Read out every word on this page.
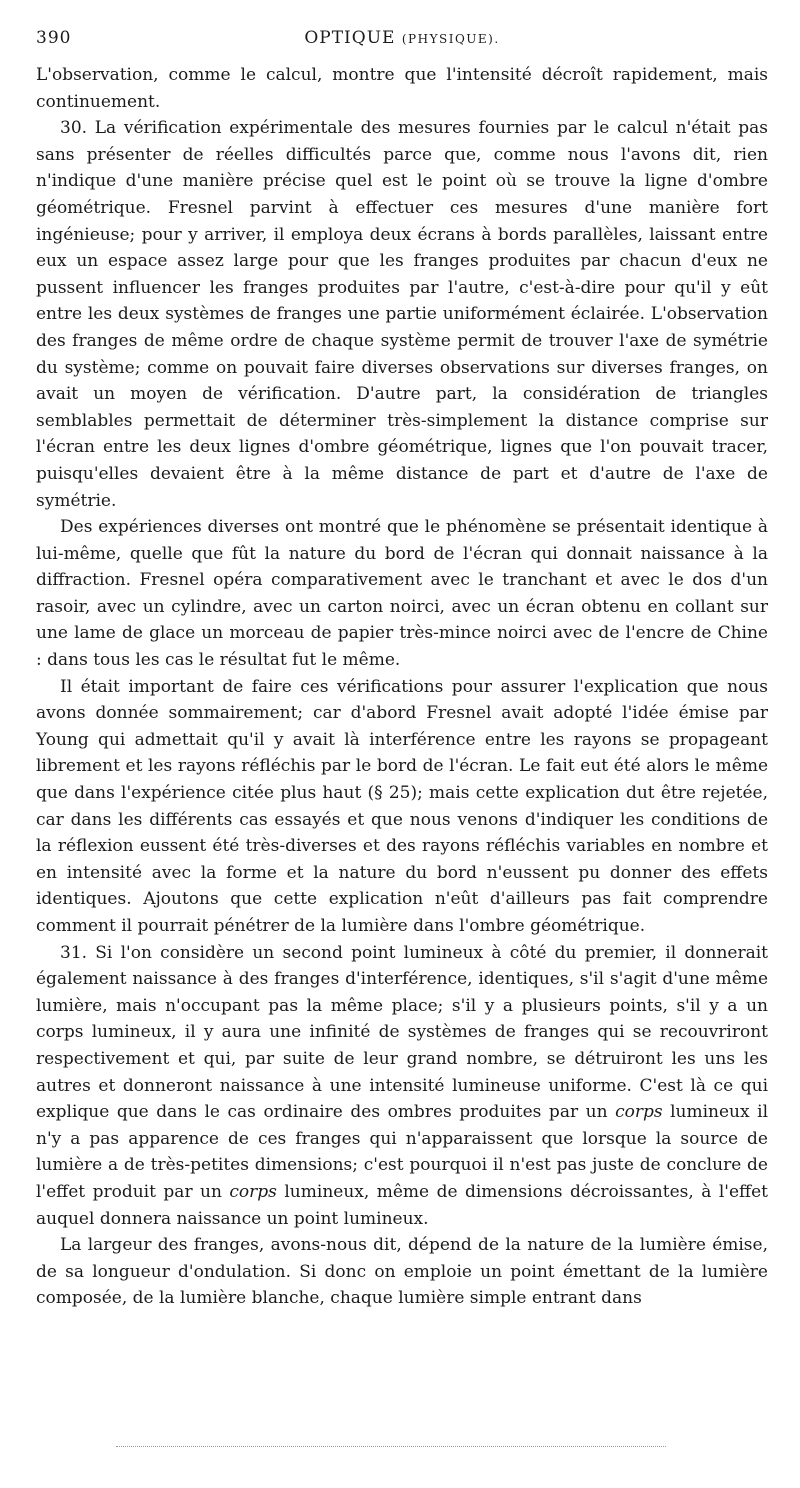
390	OPTIQUE (PHYSIQUE).

L'observation, comme le calcul, montre que l'intensité décroît rapidement, mais continuement.

30. La vérification expérimentale des mesures fournies par le calcul n'était pas sans présenter de réelles difficultés parce que, comme nous l'avons dit, rien n'indique d'une manière précise quel est le point où se trouve la ligne d'ombre géométrique. Fresnel parvint à effectuer ces mesures d'une manière fort ingénieuse; pour y arriver, il employa deux écrans à bords parallèles, laissant entre eux un espace assez large pour que les franges produites par chacun d'eux ne pussent influencer les franges produites par l'autre, c'est-à-dire pour qu'il y eût entre les deux systèmes de franges une partie uniformément éclairée. L'observation des franges de même ordre de chaque système permit de trouver l'axe de symétrie du système; comme on pouvait faire diverses observations sur diverses franges, on avait un moyen de vérification. D'autre part, la considération de triangles semblables permettait de déterminer très-simplement la distance comprise sur l'écran entre les deux lignes d'ombre géométrique, lignes que l'on pouvait tracer, puisqu'elles devaient être à la même distance de part et d'autre de l'axe de symétrie.

Des expériences diverses ont montré que le phénomène se présentait identique à lui-même, quelle que fût la nature du bord de l'écran qui donnait naissance à la diffraction. Fresnel opéra comparativement avec le tranchant et avec le dos d'un rasoir, avec un cylindre, avec un carton noirci, avec un écran obtenu en collant sur une lame de glace un morceau de papier très-mince noirci avec de l'encre de Chine : dans tous les cas le résultat fut le même.

Il était important de faire ces vérifications pour assurer l'explication que nous avons donnée sommairement; car d'abord Fresnel avait adopté l'idée émise par Young qui admettait qu'il y avait là interférence entre les rayons se propageant librement et les rayons réfléchis par le bord de l'écran. Le fait eut été alors le même que dans l'expérience citée plus haut (§ 25); mais cette explication dut être rejetée, car dans les différents cas essayés et que nous venons d'indiquer les conditions de la réflexion eussent été très-diverses et des rayons réfléchis variables en nombre et en intensité avec la forme et la nature du bord n'eussent pu donner des effets identiques. Ajoutons que cette explication n'eût d'ailleurs pas fait comprendre comment il pourrait pénétrer de la lumière dans l'ombre géométrique.

31. Si l'on considère un second point lumineux à côté du premier, il donnerait également naissance à des franges d'interférence, identiques, s'il s'agit d'une même lumière, mais n'occupant pas la même place; s'il y a plusieurs points, s'il y a un corps lumineux, il y aura une infinité de systèmes de franges qui se recouvriront respectivement et qui, par suite de leur grand nombre, se détruiront les uns les autres et donneront naissance à une intensité lumineuse uniforme. C'est là ce qui explique que dans le cas ordinaire des ombres produites par un corps lumineux il n'y a pas apparence de ces franges qui n'apparaissent que lorsque la source de lumière a de très-petites dimensions; c'est pourquoi il n'est pas juste de conclure de l'effet produit par un corps lumineux, même de dimensions décroissantes, à l'effet auquel donnera naissance un point lumineux.

La largeur des franges, avons-nous dit, dépend de la nature de la lumière émise, de sa longueur d'ondulation. Si donc on emploie un point émettant de la lumière composée, de la lumière blanche, chaque lumière simple entrant dans
